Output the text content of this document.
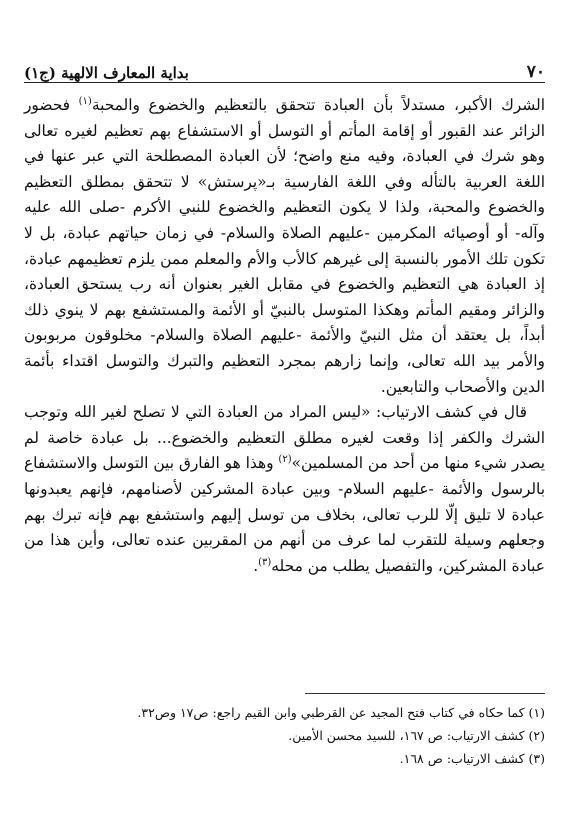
٧٠
بداية المعارف الالهية (ج١)

الشرك الأكبر، مستدلاً بأن العبادة تتحقق بالتعظيم والخضوع والمحبة$^{(١)}$ فحضور الزائر عند القبور أو إقامة المأتم أو التوسل أو الاستشفاع بهم تعظيم لغيره تعالى وهو شرك في العبادة، وفيه منع واضح؛ لأن العبادة المصطلحة التي عبر عنها في اللغة العربية بالتأله وفي اللغة الفارسية بـ«پرستش» لا تتحقق بمطلق التعظيم والخضوع والمحبة، ولذا لا يكون التعظيم والخضوع للنبي الأكرم -صلى الله عليه وآله- أو أوصيائه المكرمين -عليهم الصلاة والسلام- في زمان حياتهم عبادة، بل لا تكون تلك الأمور بالنسبة إلى غيرهم كالأب والأم والمعلم ممن يلزم تعظيمهم عبادة، إذ العبادة هي التعظيم والخضوع في مقابل الغير بعنوان أنه رب يستحق العبادة، والزائر ومقيم المأتم وهكذا المتوسل بالنبيّ أو الأئمة والمستشفع بهم لا ينوي ذلك أبداً، بل يعتقد أن مثل النبيّ والأئمة -عليهم الصلاة والسلام- مخلوقون مربوبون والأمر بيد الله تعالى، وإنما زارهم بمجرد التعظيم والتبرك والتوسل اقتداء بأئمة الدين والأصحاب والتابعين.

قال في كشف الارتياب: «ليس المراد من العبادة التي لا تصلح لغير الله وتوجب الشرك والكفر إذا وقعت لغيره مطلق التعظيم والخضوع... بل عبادة خاصة لم يصدر شيء منها من أحد من المسلمين»$^{(٢)}$ وهذا هو الفارق بين التوسل والاستشفاع بالرسول والأئمة -عليهم السلام- وبين عبادة المشركين لأصنامهم، فإنهم يعبدونها عبادة لا تليق إلّا للرب تعالى، بخلاف من توسل إليهم واستشفع بهم فإنه تبرك بهم وجعلهم وسيلة للتقرب لما عرف من أنهم من المقربين عنده تعالى، وأين هذا من عبادة المشركين، والتفصيل يطلب من محله$^{(٣)}$.

(١) كما حكاه في كتاب فتح المجيد عن القرطبي وابن القيم راجع: ص١٧ وص٣٢.

(٢) كشف الارتياب: ص ١٦٧، للسيد محسن الأمين.

(٣) كشف الارتياب: ص ١٦٨.
